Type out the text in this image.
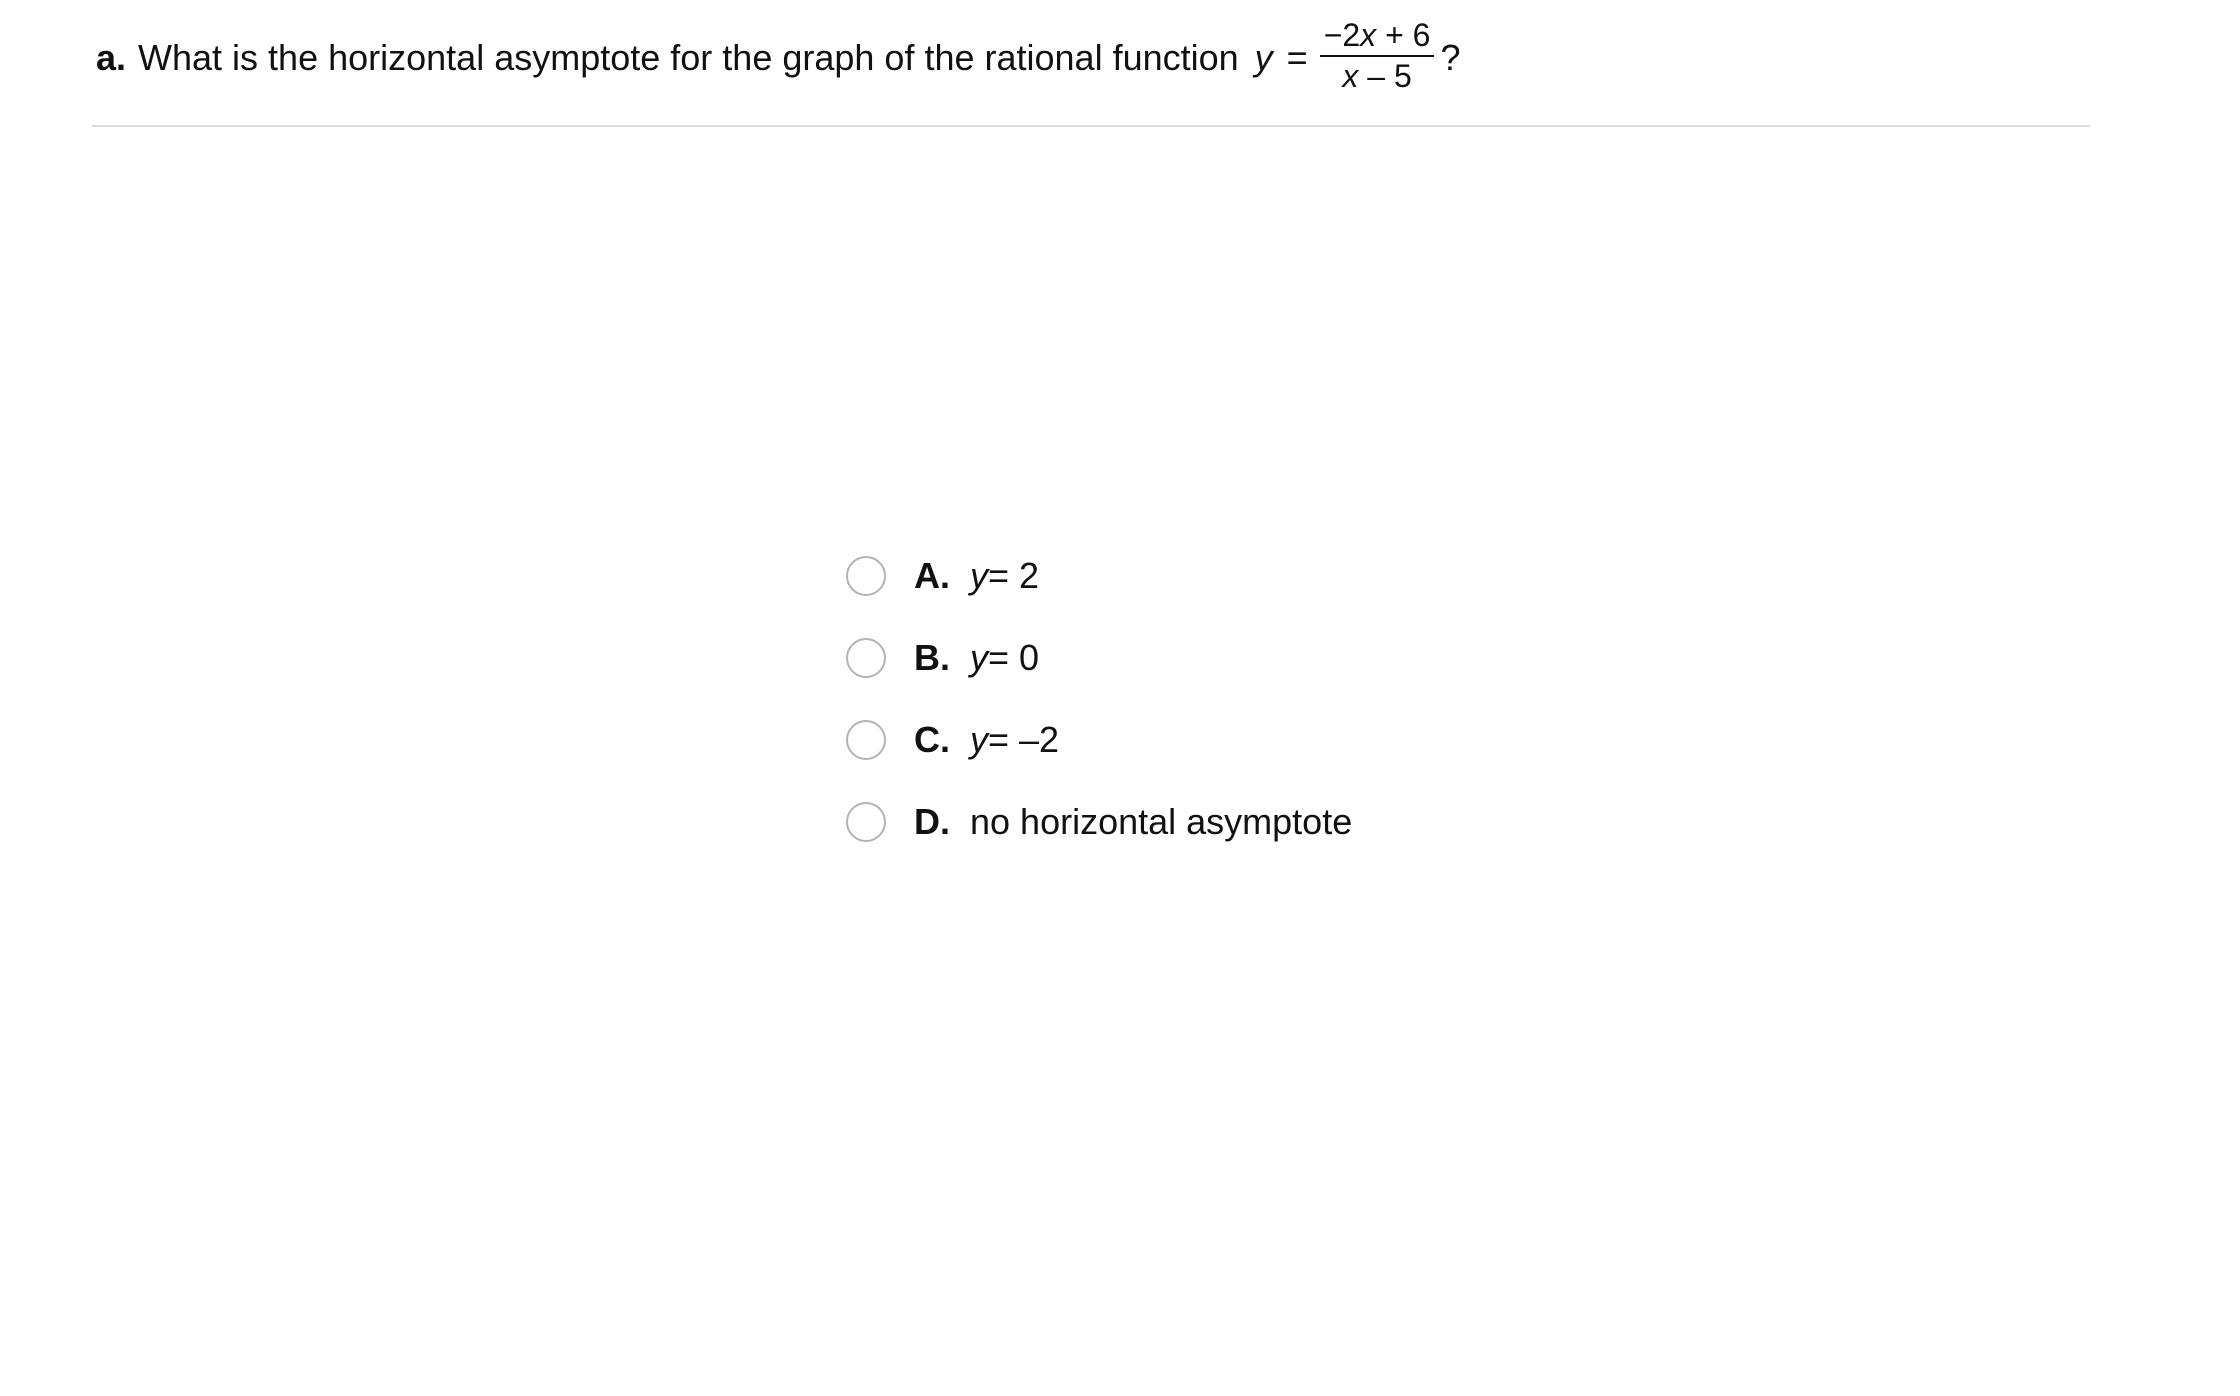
a. What is the horizontal asymptote for the graph of the rational function $y = \frac{-2x + 6}{x - 5}$ ?
A. y = 2
B. y = 0
C. y = –2
D. no horizontal asymptote
